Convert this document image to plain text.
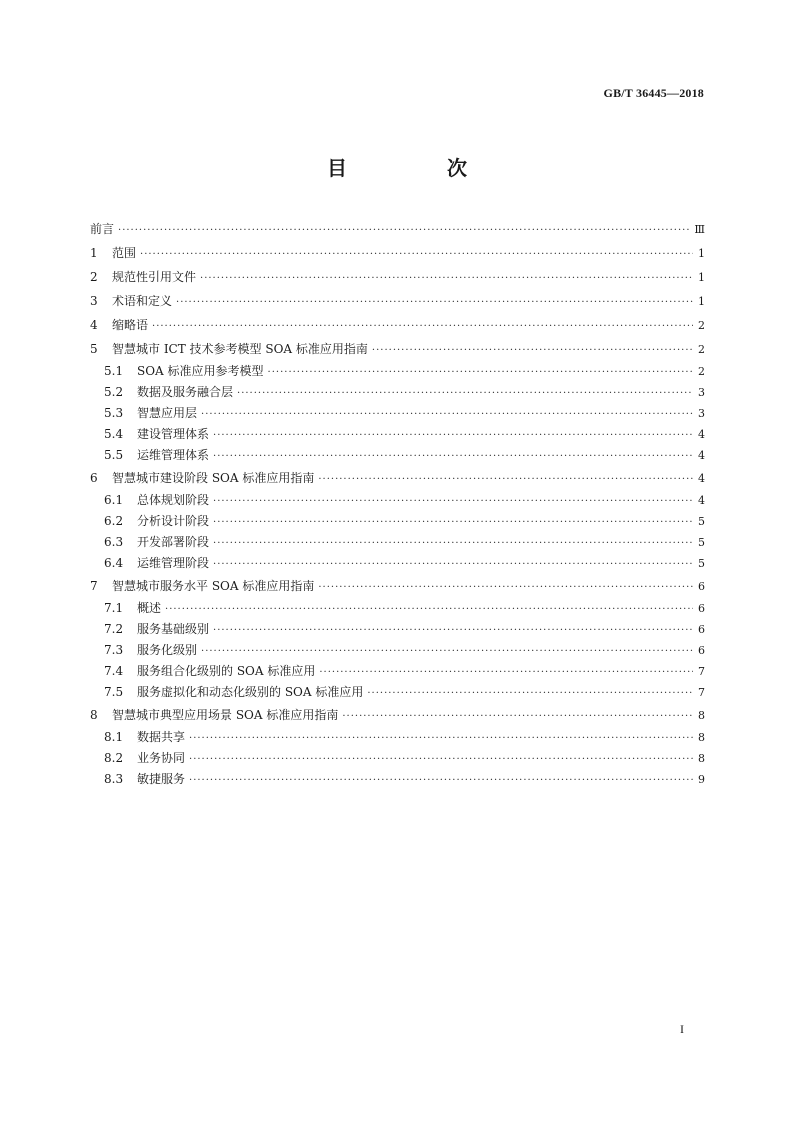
GB/T 36445—2018
目　次
前言 ·····	Ⅲ
1	范围 ·····	1
2	规范性引用文件 ·····	1
3	术语和定义 ·····	1
4	缩略语 ·····	2
5	智慧城市 ICT 技术参考模型 SOA 标准应用指南 ·····	2
5.1	SOA 标准应用参考模型 ·····	2
5.2	数据及服务融合层 ·····	3
5.3	智慧应用层 ·····	3
5.4	建设管理体系 ·····	4
5.5	运维管理体系 ·····	4
6	智慧城市建设阶段 SOA 标准应用指南 ·····	4
6.1	总体规划阶段 ·····	4
6.2	分析设计阶段 ·····	5
6.3	开发部署阶段 ·····	5
6.4	运维管理阶段 ·····	5
7	智慧城市服务水平 SOA 标准应用指南 ·····	6
7.1	概述 ·····	6
7.2	服务基础级别 ·····	6
7.3	服务化级别 ·····	6
7.4	服务组合化级别的 SOA 标准应用 ·····	7
7.5	服务虚拟化和动态化级别的 SOA 标准应用 ·····	7
8	智慧城市典型应用场景 SOA 标准应用指南 ·····	8
8.1	数据共享 ·····	8
8.2	业务协同 ·····	8
8.3	敏捷服务 ·····	9
I
